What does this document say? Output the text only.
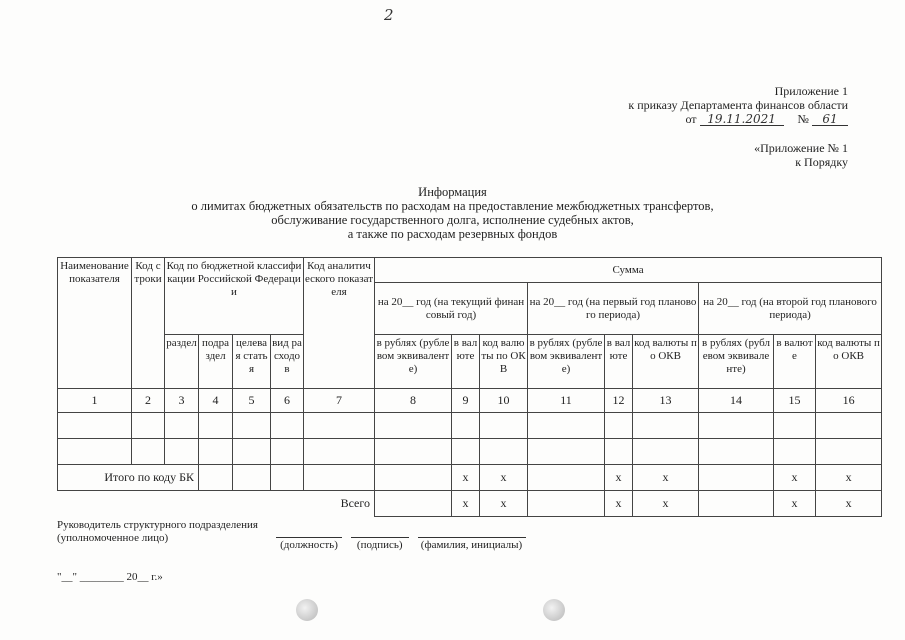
2
Приложение 1
к приказу Департамента финансов области
от 19.11.2021 № 61
«Приложение № 1
к Порядку
Информация
о лимитах бюджетных обязательств по расходам на предоставление межбюджетных трансфертов,
обслуживание государственного долга, исполнение судебных актов,
а также по расходам резервных фондов
Наименование показателя	Код строки	Код по бюджетной классификации Российской Федерации				Код аналитического показателя	Сумма								
							на 20__ год (на текущий финансовый год)			на 20__ год (на первый год планового периода)			на 20__ год (на второй год планового периода)		
		раздел	подраздел	целевая статья	вид расходов		в рублях (рублевом эквиваленте)	в валюте	код валюты по ОКВ	в рублях (рублевом эквиваленте)	в валюте	код валюты по ОКВ	в рублях (рублевом эквиваленте)	в валюте	код валюты по ОКВ
1	2	3	4	5	6	7	8	9	10	11	12	13	14	15	16

Итого по коду БК								х	х		х	х		х	х
Всего								х	х		х	х		х	х
Руководитель структурного подразделения
(уполномоченное лицо)
(должность) (подпись) (фамилия, инициалы)
"__" ________ 20__ г.»
